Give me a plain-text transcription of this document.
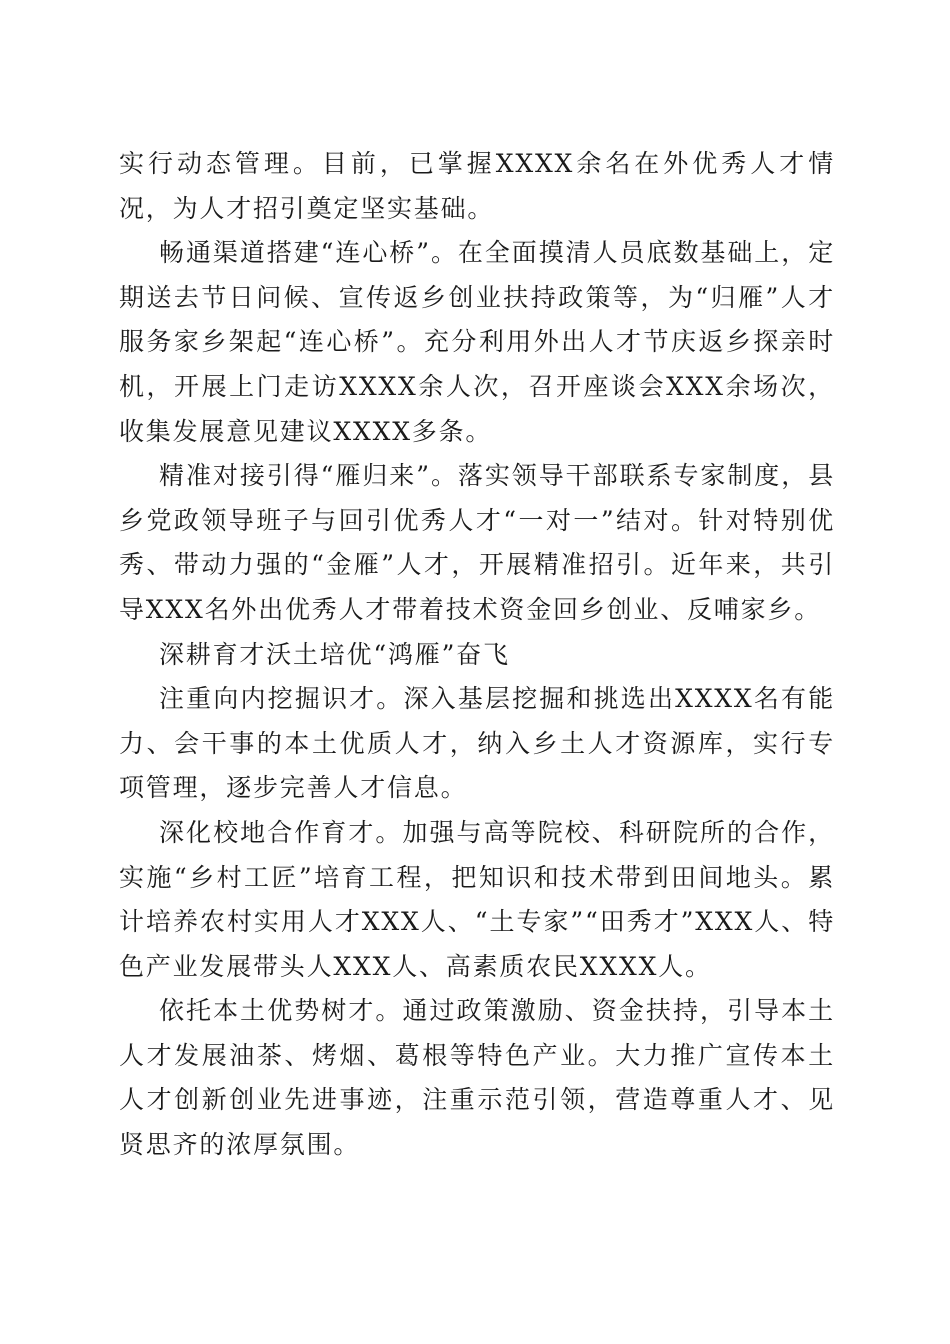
实行动态管理。目前，已掌握XXXX余名在外优秀人才情况，为人才招引奠定坚实基础。

畅通渠道搭建“连心桥”。在全面摸清人员底数基础上，定期送去节日问候、宣传返乡创业扶持政策等，为“归雁”人才服务家乡架起“连心桥”。充分利用外出人才节庆返乡探亲时机，开展上门走访XXXX余人次，召开座谈会XXX余场次，收集发展意见建议XXXX多条。

精准对接引得“雁归来”。落实领导干部联系专家制度，县乡党政领导班子与回引优秀人才“一对一”结对。针对特别优秀、带动力强的“金雁”人才，开展精准招引。近年来，共引导XXX名外出优秀人才带着技术资金回乡创业、反哺家乡。

深耕育才沃土培优“鸿雁”奋飞

注重向内挖掘识才。深入基层挖掘和挑选出XXXX名有能力、会干事的本土优质人才，纳入乡土人才资源库，实行专项管理，逐步完善人才信息。

深化校地合作育才。加强与高等院校、科研院所的合作，实施“乡村工匠”培育工程，把知识和技术带到田间地头。累计培养农村实用人才XXX人、“土专家”“田秀才”XXX人、特色产业发展带头人XXX人、高素质农民XXXX人。

依托本土优势树才。通过政策激励、资金扶持，引导本土人才发展油茶、烤烟、葛根等特色产业。大力推广宣传本土人才创新创业先进事迹，注重示范引领，营造尊重人才、见贤思齐的浓厚氛围。
